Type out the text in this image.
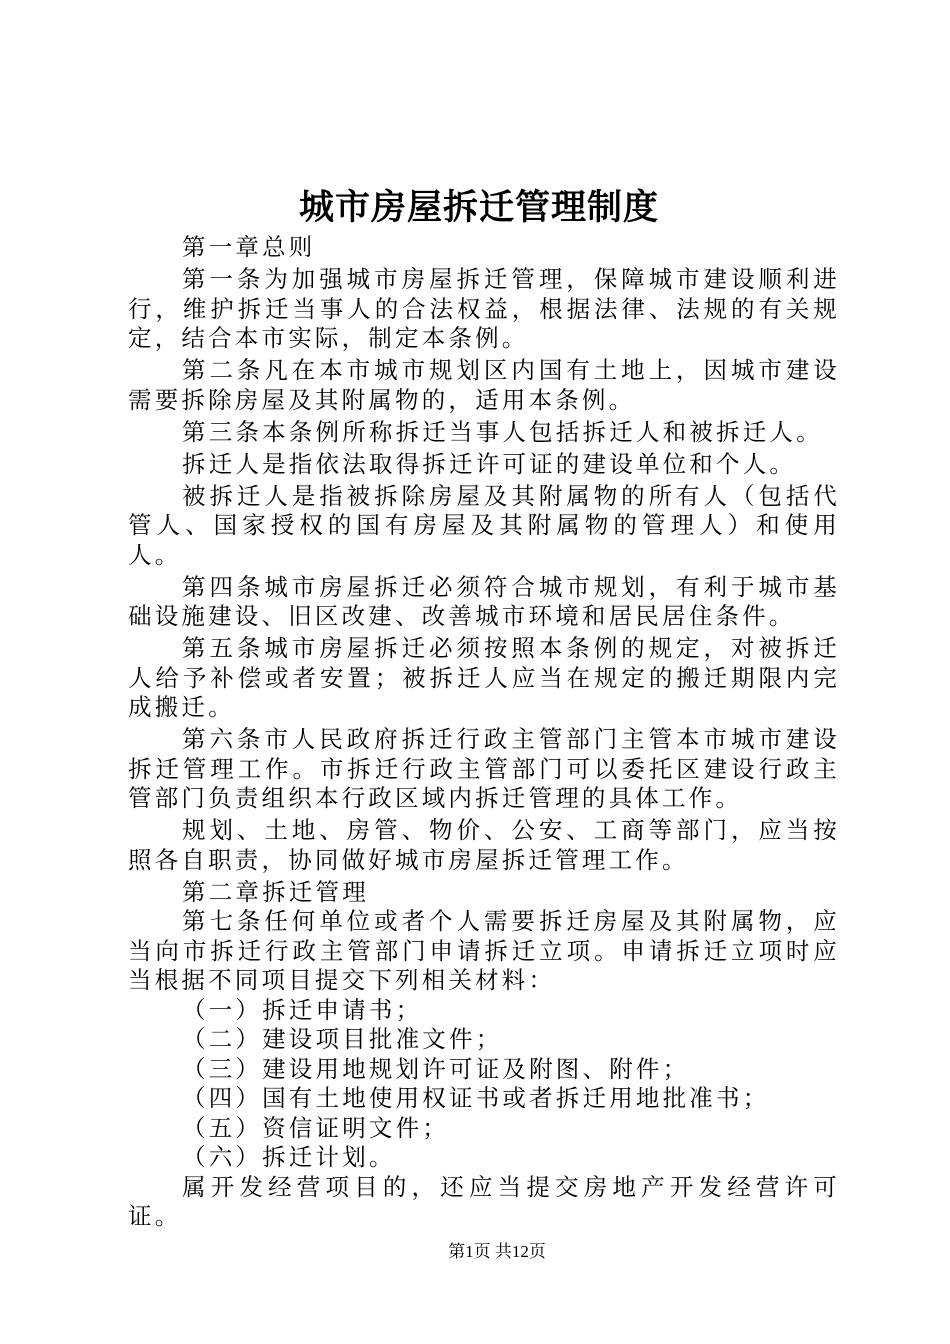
城市房屋拆迁管理制度

第一章总则

第一条为加强城市房屋拆迁管理，保障城市建设顺利进行，维护拆迁当事人的合法权益，根据法律、法规的有关规定，结合本市实际，制定本条例。

第二条凡在本市城市规划区内国有土地上，因城市建设需要拆除房屋及其附属物的，适用本条例。

第三条本条例所称拆迁当事人包括拆迁人和被拆迁人。

拆迁人是指依法取得拆迁许可证的建设单位和个人。

被拆迁人是指被拆除房屋及其附属物的所有人（包括代管人、国家授权的国有房屋及其附属物的管理人）和使用人。

第四条城市房屋拆迁必须符合城市规划，有利于城市基础设施建设、旧区改建、改善城市环境和居民居住条件。

第五条城市房屋拆迁必须按照本条例的规定，对被拆迁人给予补偿或者安置；被拆迁人应当在规定的搬迁期限内完成搬迁。

第六条市人民政府拆迁行政主管部门主管本市城市建设拆迁管理工作。市拆迁行政主管部门可以委托区建设行政主管部门负责组织本行政区域内拆迁管理的具体工作。

规划、土地、房管、物价、公安、工商等部门，应当按照各自职责，协同做好城市房屋拆迁管理工作。

第二章拆迁管理

第七条任何单位或者个人需要拆迁房屋及其附属物，应当向市拆迁行政主管部门申请拆迁立项。申请拆迁立项时应当根据不同项目提交下列相关材料：

（一）拆迁申请书；

（二）建设项目批准文件；

（三）建设用地规划许可证及附图、附件；

（四）国有土地使用权证书或者拆迁用地批准书；

（五）资信证明文件；

（六）拆迁计划。

属开发经营项目的，还应当提交房地产开发经营许可证。

第1页 共12页
